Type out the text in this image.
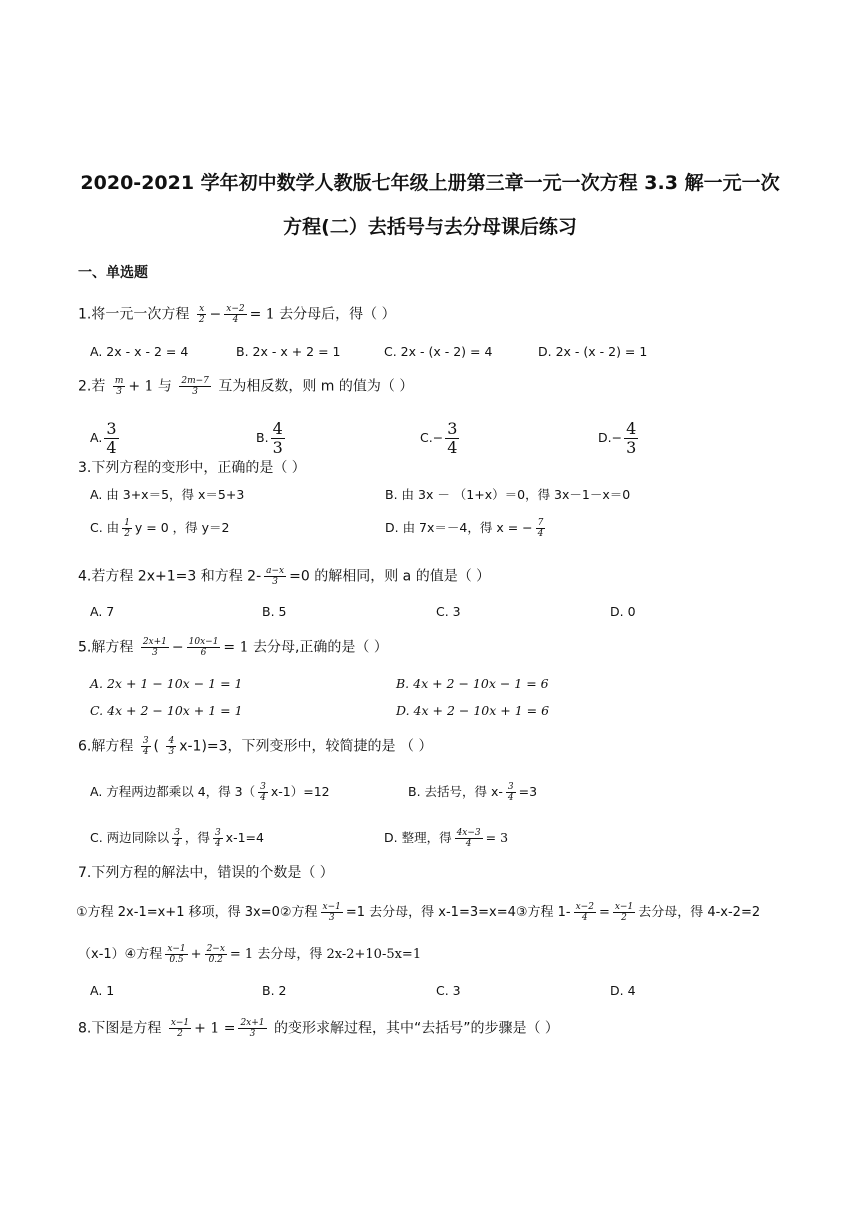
2020-2021 学年初中数学人教版七年级上册第三章一元一次方程 3.3 解一元一次
方程(二）去括号与去分母课后练习
一、单选题
1.将一元一次方程 $\frac{x}{2} - \frac{x-2}{4} = 1$ 去分母后，得（ ）
A. 2x - x - 2 = 4	B. 2x - x + 2 = 1	C. 2x - (x - 2) = 4	D. 2x - (x - 2) = 1
2.若 $\frac{m}{3} + 1$ 与 $\frac{2m-7}{3}$ 互为相反数，则 m 的值为（ ）
A. $\frac{3}{4}$	B. $\frac{4}{3}$	$C.- \frac{3}{4}$	$D.- \frac{4}{3}$
3.下列方程的变形中，正确的是（ ）
A. 由 3+x＝5，得 x＝5+3	B. 由 3x － （1+x）＝0，得 3x－1－x＝0
C. 由 $\frac{1}{2}$ y = 0 ，得 y＝2	D. 由 7x＝－4，得 x = − $\frac{7}{4}$
4.若方程 2x+1=3 和方程 $2- \frac{a-x}{3} =0$ 的解相同，则 a 的值是（ ）
A. 7	B. 5	C. 3	D. 0
5.解方程 $\frac{2x+1}{3} - \frac{10x-1}{6} = 1$ 去分母,正确的是（ ）
A. 2x + 1 − 10x − 1 = 1	B. 4x + 2 − 10x − 1 = 6
C. 4x + 2 − 10x + 1 = 1	D. 4x + 2 − 10x + 1 = 6
6.解方程 $\frac{3}{4}$ ( $\frac{4}{3} x-1)=3$，下列变形中，较简捷的是 （ ）
A. 方程两边都乘以 4，得 $3( \frac{3}{4} x-1)=12$	B. 去括号，得 $x- \frac{3}{4} =3$
C. 两边同除以 $\frac{3}{4}$ ，得 $\frac{3}{4} x-1=4$	D. 整理，得 $\frac{4x-3}{4} = 3$
7.下列方程的解法中，错误的个数是（ ）
①方程 2x-1=x+1 移项，得 3x=0②方程 $\frac{x-1}{3} =1$ 去分母，得 x-1=3=x=4③方程 $1- \frac{x-2}{4} = \frac{x-1}{2}$ 去分母，得 4-x-2=2
（x-1）④方程 $\frac{x-1}{0.5} + \frac{2-x}{0.2} = 1$ 去分母，得 2x-2+10-5x=1
A. 1	B. 2	C. 3	D. 4
8.下图是方程 $\frac{x-1}{2} + 1 = \frac{2x+1}{3}$ 的变形求解过程，其中“去括号”的步骤是（ ）
